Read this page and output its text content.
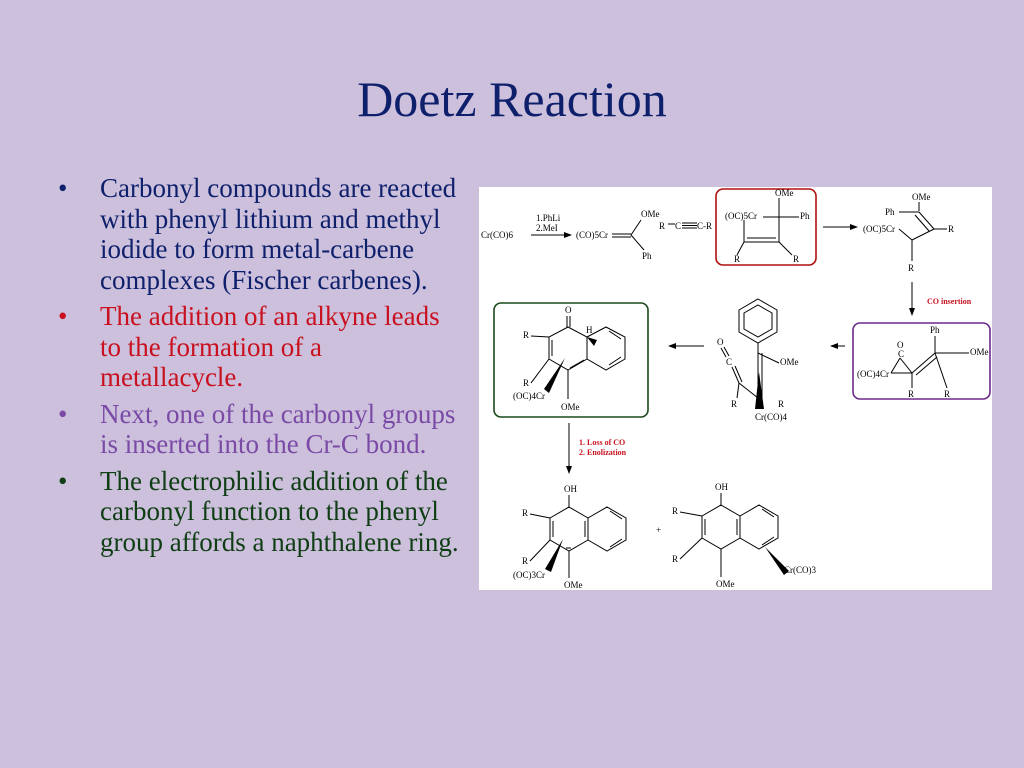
Doetz Reaction
•	Carbonyl compounds are reacted with phenyl lithium and methyl iodide to form metal-carbene complexes (Fischer carbenes).
•	The addition of an alkyne leads to the formation of a metallacycle.
•	Next, one of the carbonyl groups is inserted into the Cr-C bond.
•	The electrophilic addition of the carbonyl function to the phenyl group affords a naphthalene ring.
Cr(CO)6
1.PhLi
2.MeI
(CO)5Cr
OMe
Ph
R C C-R
OMe
(OC)5Cr	Ph
R	R
OMe
Ph
(OC)5Cr	R
R
CO insertion
Ph
OMe
O
C
(OC)4Cr
R	R
OMe
O
C
R	R
Cr(CO)4
O
H
R
R
(OC)4Cr
OMe
1. Loss of CO
2. Enolization
OH
R
R
(OC)3Cr
OMe
+
OH
R
R
Cr(CO)3
OMe
